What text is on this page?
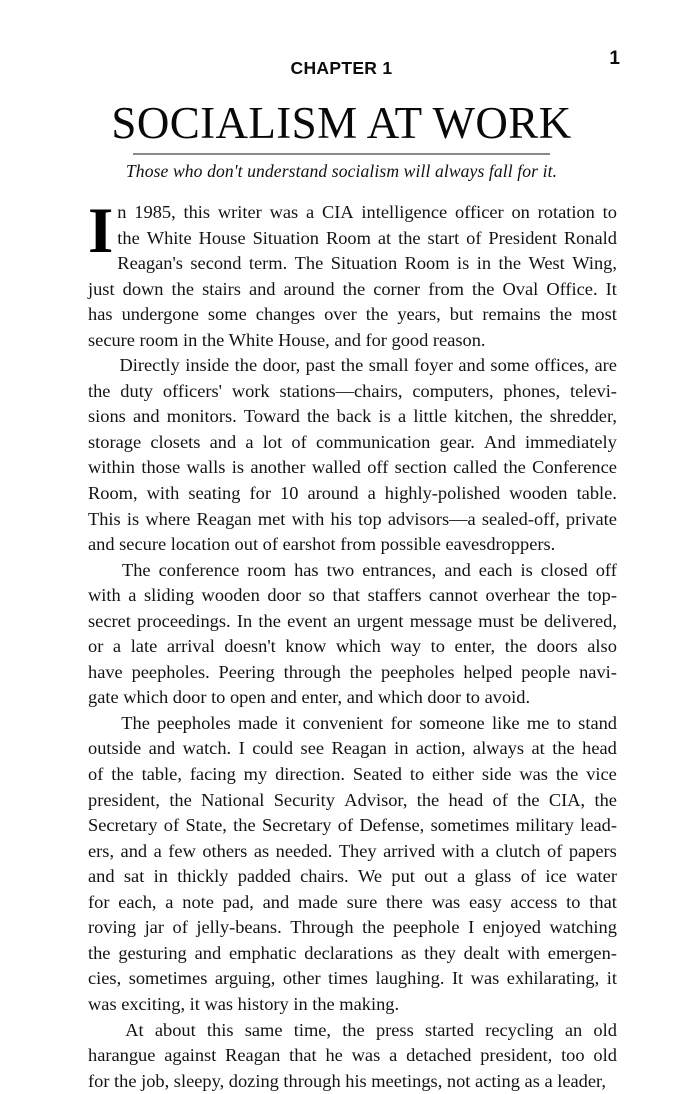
CHAPTER 1	1
SOCIALISM AT WORK
Those who don't understand socialism will always fall for it.

I n 1985, this writer was a CIA intelligence officer on rotation to
the White House Situation Room at the start of President Ronald
Reagan's second term. The Situation Room is in the West Wing,
just down the stairs and around the corner from the Oval Office. It
has undergone some changes over the years, but remains the most
secure room in the White House, and for good reason.

Directly inside the door, past the small foyer and some offices, are
the duty officers' work stations—chairs, computers, phones, televi-
sions and monitors. Toward the back is a little kitchen, the shredder,
storage closets and a lot of communication gear. And immediately
within those walls is another walled off section called the Conference
Room, with seating for 10 around a highly-polished wooden table.
This is where Reagan met with his top advisors—a sealed-off, private
and secure location out of earshot from possible eavesdroppers.

The conference room has two entrances, and each is closed off
with a sliding wooden door so that staffers cannot overhear the top-
secret proceedings. In the event an urgent message must be delivered,
or a late arrival doesn't know which way to enter, the doors also
have peepholes. Peering through the peepholes helped people navi-
gate which door to open and enter, and which door to avoid.

The peepholes made it convenient for someone like me to stand
outside and watch. I could see Reagan in action, always at the head
of the table, facing my direction. Seated to either side was the vice
president, the National Security Advisor, the head of the CIA, the
Secretary of State, the Secretary of Defense, sometimes military lead-
ers, and a few others as needed. They arrived with a clutch of papers
and sat in thickly padded chairs. We put out a glass of ice water
for each, a note pad, and made sure there was easy access to that
roving jar of jelly-beans. Through the peephole I enjoyed watching
the gesturing and emphatic declarations as they dealt with emergen-
cies, sometimes arguing, other times laughing. It was exhilarating, it
was exciting, it was history in the making.

At about this same time, the press started recycling an old
harangue against Reagan that he was a detached president, too old
for the job, sleepy, dozing through his meetings, not acting as a leader,
